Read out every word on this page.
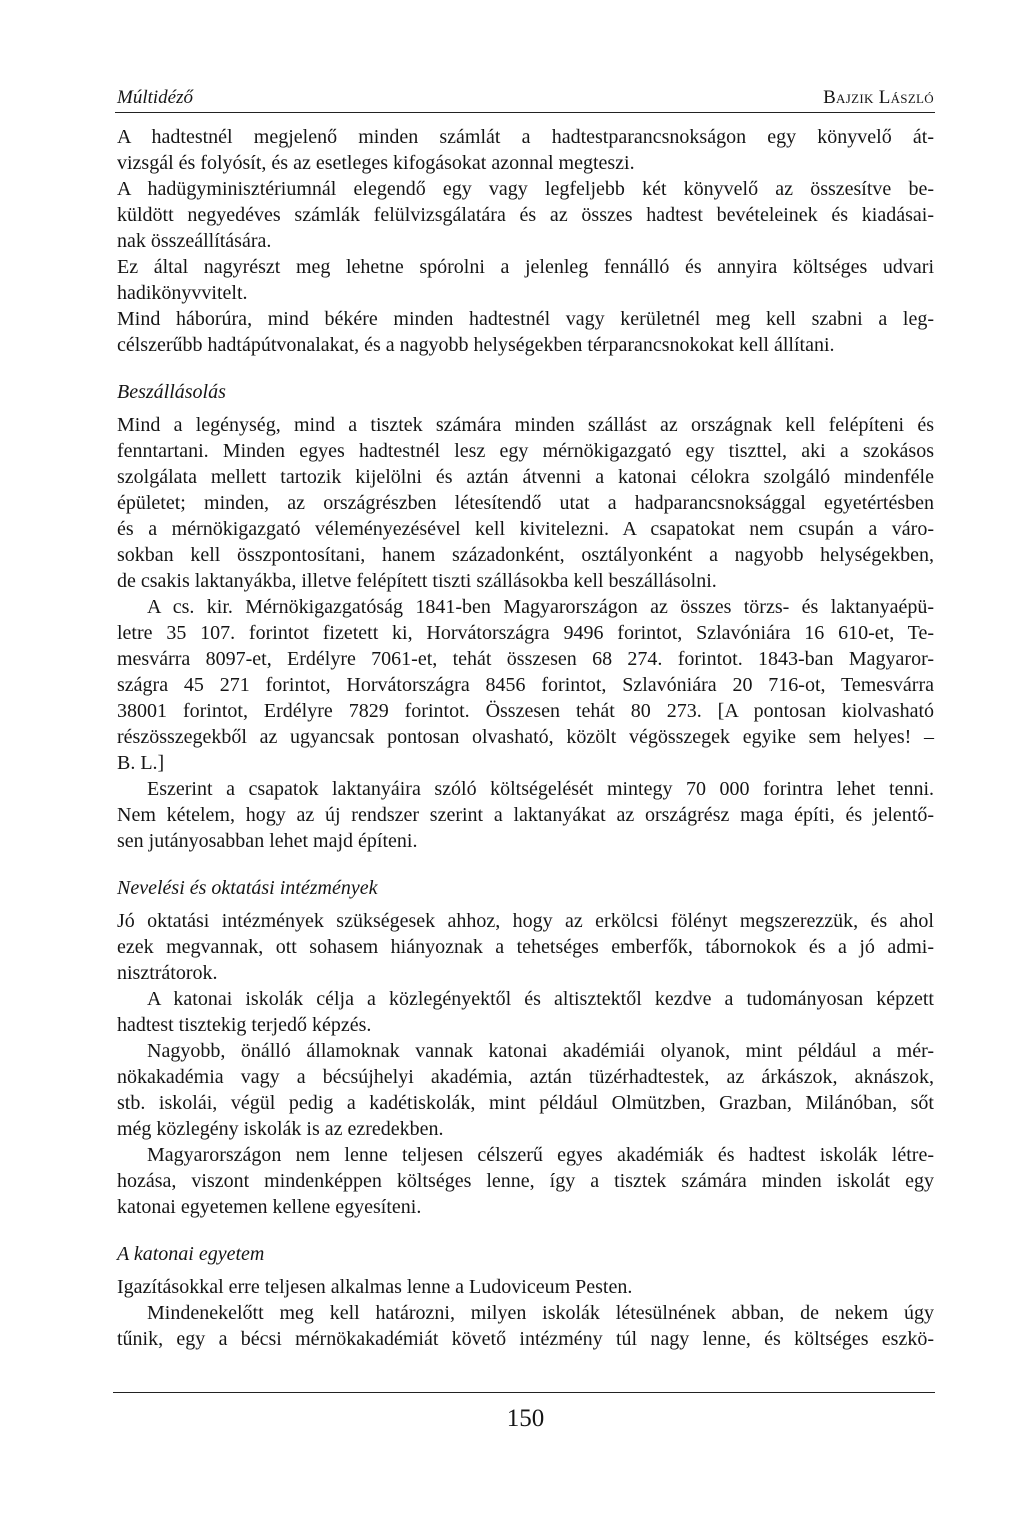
Múltidéző	Bajzik László
A hadtestnél megjelenő minden számlát a hadtestparancsnokságon egy könyvelő át-
vizsgál és folyósít, és az esetleges kifogásokat azonnal megteszi.
A hadügyminisztériumnál elegendő egy vagy legfeljebb két könyvelő az összesítve be-
küldött negyedéves számlák felülvizsgálatára és az összes hadtest bevételeinek és kiadásai-
nak összeállítására.
Ez által nagyrészt meg lehetne spórolni a jelenleg fennálló és annyira költséges udvari
hadikönyvvitelt.
Mind háborúra, mind békére minden hadtestnél vagy kerületnél meg kell szabni a leg-
célszerűbb hadtápútvonalakat, és a nagyobb helységekben térparancsnokokat kell állítani.
Beszállásolás
Mind a legénység, mind a tisztek számára minden szállást az országnak kell felépíteni és
fenntartani. Minden egyes hadtestnél lesz egy mérnökigazgató egy tiszttel, aki a szokásos
szolgálata mellett tartozik kijelölni és aztán átvenni a katonai célokra szolgáló mindenféle
épületet; minden, az országrészben létesítendő utat a hadparancsnoksággal egyetértésben
és a mérnökigazgató véleményezésével kell kivitelezni. A csapatokat nem csupán a váro-
sokban kell összpontosítani, hanem századonként, osztályonként a nagyobb helységekben,
de csakis laktanyákba, illetve felépített tiszti szállásokba kell beszállásolni.
A cs. kir. Mérnökigazgatóság 1841-ben Magyarországon az összes törzs- és laktanyaépü-
letre 35 107. forintot fizetett ki, Horvátországra 9496 forintot, Szlavóniára 16 610-et, Te-
mesvárra 8097-et, Erdélyre 7061-et, tehát összesen 68 274. forintot. 1843-ban Magyaror-
szágra 45 271 forintot, Horvátországra 8456 forintot, Szlavóniára 20 716-ot, Temesvárra
38001 forintot, Erdélyre 7829 forintot. Összesen tehát 80 273. [A pontosan kiolvasható
részösszegekből az ugyancsak pontosan olvasható, közölt végösszegek egyike sem helyes! –
B. L.]
Eszerint a csapatok laktanyáira szóló költségelését mintegy 70 000 forintra lehet tenni.
Nem kételem, hogy az új rendszer szerint a laktanyákat az országrész maga építi, és jelentő-
sen jutányosabban lehet majd építeni.
Nevelési és oktatási intézmények
Jó oktatási intézmények szükségesek ahhoz, hogy az erkölcsi fölényt megszerezzük, és ahol
ezek megvannak, ott sohasem hiányoznak a tehetséges emberfők, tábornokok és a jó admi-
nisztrátorok.
A katonai iskolák célja a közlegényektől és altisztektől kezdve a tudományosan képzett
hadtest tisztekig terjedő képzés.
Nagyobb, önálló államoknak vannak katonai akadémiái olyanok, mint például a mér-
nökakadémia vagy a bécsújhelyi akadémia, aztán tüzérhadtestek, az árkászok, aknászok,
stb. iskolái, végül pedig a kadétiskolák, mint például Olmützben, Grazban, Milánóban, sőt
még közlegény iskolák is az ezredekben.
Magyarországon nem lenne teljesen célszerű egyes akadémiák és hadtest iskolák létre-
hozása, viszont mindenképpen költséges lenne, így a tisztek számára minden iskolát egy
katonai egyetemen kellene egyesíteni.
A katonai egyetem
Igazításokkal erre teljesen alkalmas lenne a Ludoviceum Pesten.
Mindenekelőtt meg kell határozni, milyen iskolák létesülnének abban, de nekem úgy
tűnik, egy a bécsi mérnökakadémiát követő intézmény túl nagy lenne, és költséges eszkö-
150
